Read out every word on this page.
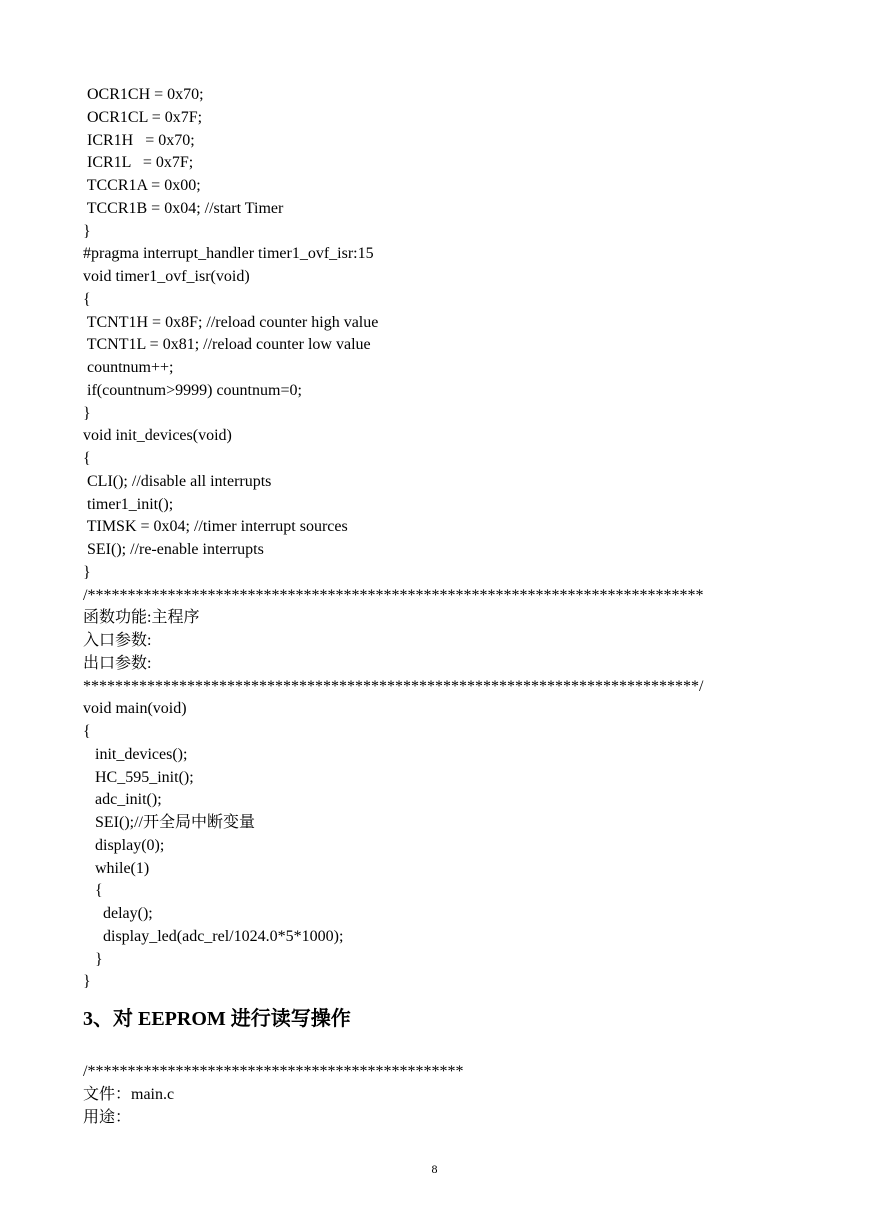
OCR1CH = 0x70;
OCR1CL = 0x7F;
ICR1H   = 0x70;
ICR1L   = 0x7F;
TCCR1A = 0x00;
TCCR1B = 0x04; //start Timer
}
#pragma interrupt_handler timer1_ovf_isr:15
void timer1_ovf_isr(void)
{
TCNT1H = 0x8F; //reload counter high value
TCNT1L = 0x81; //reload counter low value
countnum++;
if(countnum>9999) countnum=0;
}
void init_devices(void)
{
CLI(); //disable all interrupts
timer1_init();
TIMSK = 0x04; //timer interrupt sources
SEI(); //re-enable interrupts
}
/*****************************************************************************
函数功能:主程序
入口参数:
出口参数:
*****************************************************************************/
void main(void)
{
init_devices();
HC_595_init();
adc_init();
SEI();//开全局中断变量
display(0);
while(1)
{
delay();
display_led(adc_rel/1024.0*5*1000);
}
}
3、对 EEPROM 进行读写操作
/***********************************************
文件：main.c
用途：
8
